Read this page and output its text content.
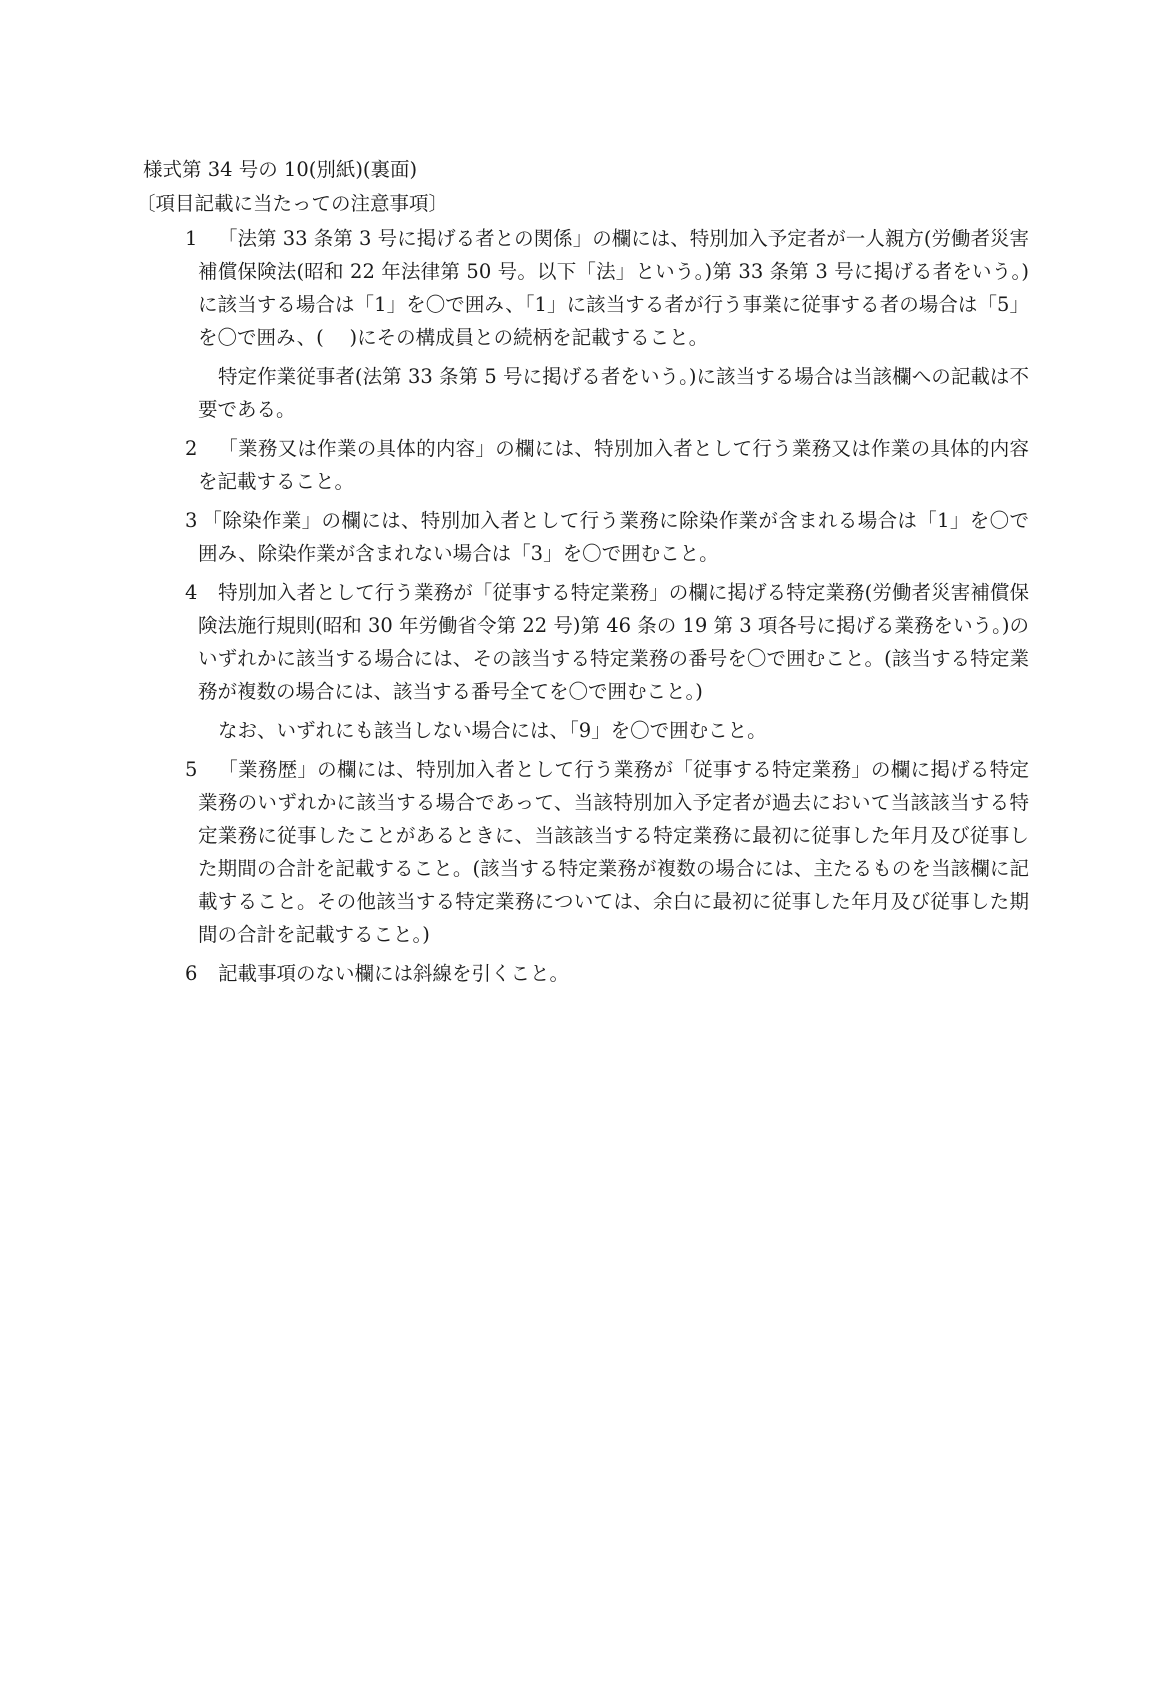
様式第 34 号の 10(別紙)(裏面)
〔項目記載に当たっての注意事項〕
1 「法第 33 条第 3 号に掲げる者との関係」の欄には、特別加入予定者が一人親方(労働者災害補償保険法(昭和 22 年法律第 50 号。以下「法」という。)第 33 条第 3 号に掲げる者をいう。)に該当する場合は「1」を〇で囲み、「1」に該当する者が行う事業に従事する者の場合は「5」を〇で囲み、(　 )にその構成員との続柄を記載すること。
特定作業従事者(法第 33 条第 5 号に掲げる者をいう。)に該当する場合は当該欄への記載は不要である。
2 「業務又は作業の具体的内容」の欄には、特別加入者として行う業務又は作業の具体的内容を記載すること。
3 「除染作業」の欄には、特別加入者として行う業務に除染作業が含まれる場合は「1」を〇で囲み、除染作業が含まれない場合は「3」を〇で囲むこと。
4 特別加入者として行う業務が「従事する特定業務」の欄に掲げる特定業務(労働者災害補償保険法施行規則(昭和 30 年労働省令第 22 号)第 46 条の 19 第 3 項各号に掲げる業務をいう。)のいずれかに該当する場合には、その該当する特定業務の番号を〇で囲むこと。(該当する特定業務が複数の場合には、該当する番号全てを〇で囲むこと。)
なお、いずれにも該当しない場合には、「9」を〇で囲むこと。
5 「業務歴」の欄には、特別加入者として行う業務が「従事する特定業務」の欄に掲げる特定業務のいずれかに該当する場合であって、当該特別加入予定者が過去において当該該当する特定業務に従事したことがあるときに、当該該当する特定業務に最初に従事した年月及び従事した期間の合計を記載すること。(該当する特定業務が複数の場合には、主たるものを当該欄に記載すること。その他該当する特定業務については、余白に最初に従事した年月及び従事した期間の合計を記載すること。)
6 記載事項のない欄には斜線を引くこと。
